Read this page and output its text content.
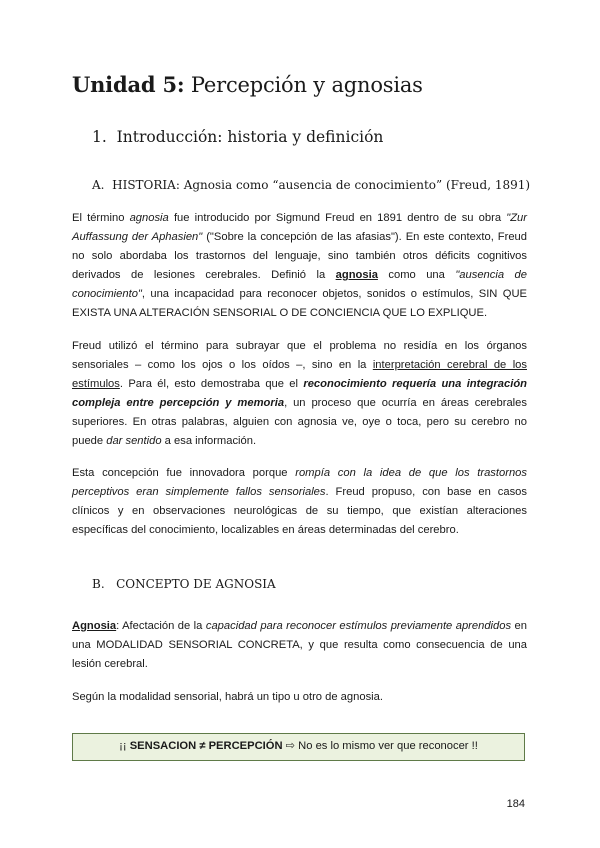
Unidad 5: Percepción y agnosias
1. Introducción: historia y definición
A. HISTORIA: Agnosia como “ausencia de conocimiento” (Freud, 1891)

El término agnosia fue introducido por Sigmund Freud en 1891 dentro de su obra "Zur Auffassung der Aphasien" ("Sobre la concepción de las afasias"). En este contexto, Freud no solo abordaba los trastornos del lenguaje, sino también otros déficits cognitivos derivados de lesiones cerebrales. Definió la agnosia como una "ausencia de conocimiento", una incapacidad para reconocer objetos, sonidos o estímulos, SIN QUE EXISTA UNA ALTERACIÓN SENSORIAL O DE CONCIENCIA QUE LO EXPLIQUE.

Freud utilizó el término para subrayar que el problema no residía en los órganos sensoriales – como los ojos o los oídos –, sino en la interpretación cerebral de los estímulos. Para él, esto demostraba que el reconocimiento requería una integración compleja entre percepción y memoria, un proceso que ocurría en áreas cerebrales superiores. En otras palabras, alguien con agnosia ve, oye o toca, pero su cerebro no puede dar sentido a esa información.

Esta concepción fue innovadora porque rompía con la idea de que los trastornos perceptivos eran simplemente fallos sensoriales. Freud propuso, con base en casos clínicos y en observaciones neurológicas de su tiempo, que existían alteraciones específicas del conocimiento, localizables en áreas determinadas del cerebro.

B. CONCEPTO DE AGNOSIA

Agnosia: Afectación de la capacidad para reconocer estímulos previamente aprendidos en una MODALIDAD SENSORIAL CONCRETA, y que resulta como consecuencia de una lesión cerebral.

Según la modalidad sensorial, habrá un tipo u otro de agnosia.

¡¡ SENSACION ≠ PERCEPCIÓN ⇨ No es lo mismo ver que reconocer !!
184
